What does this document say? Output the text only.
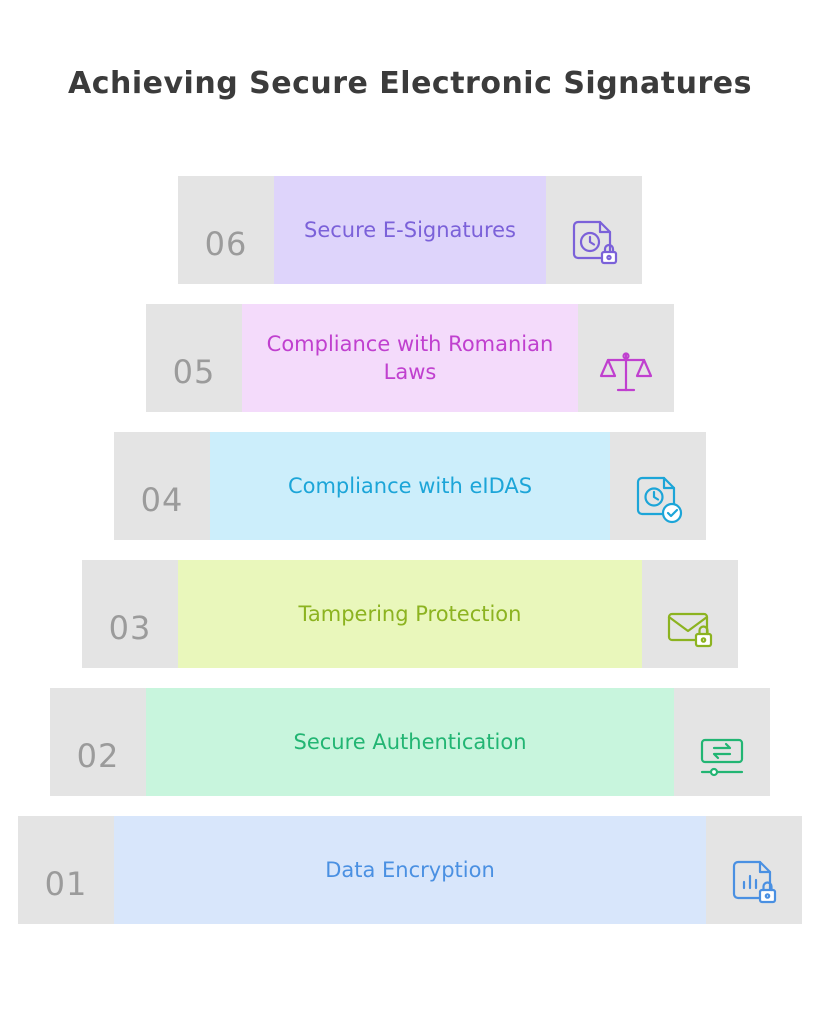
Achieving Secure Electronic Signatures
06	Secure E-Signatures
05
Compliance with Romanian Laws
04	Compliance with eIDAS
03	Tampering Protection
02	Secure Authentication
01	Data Encryption
